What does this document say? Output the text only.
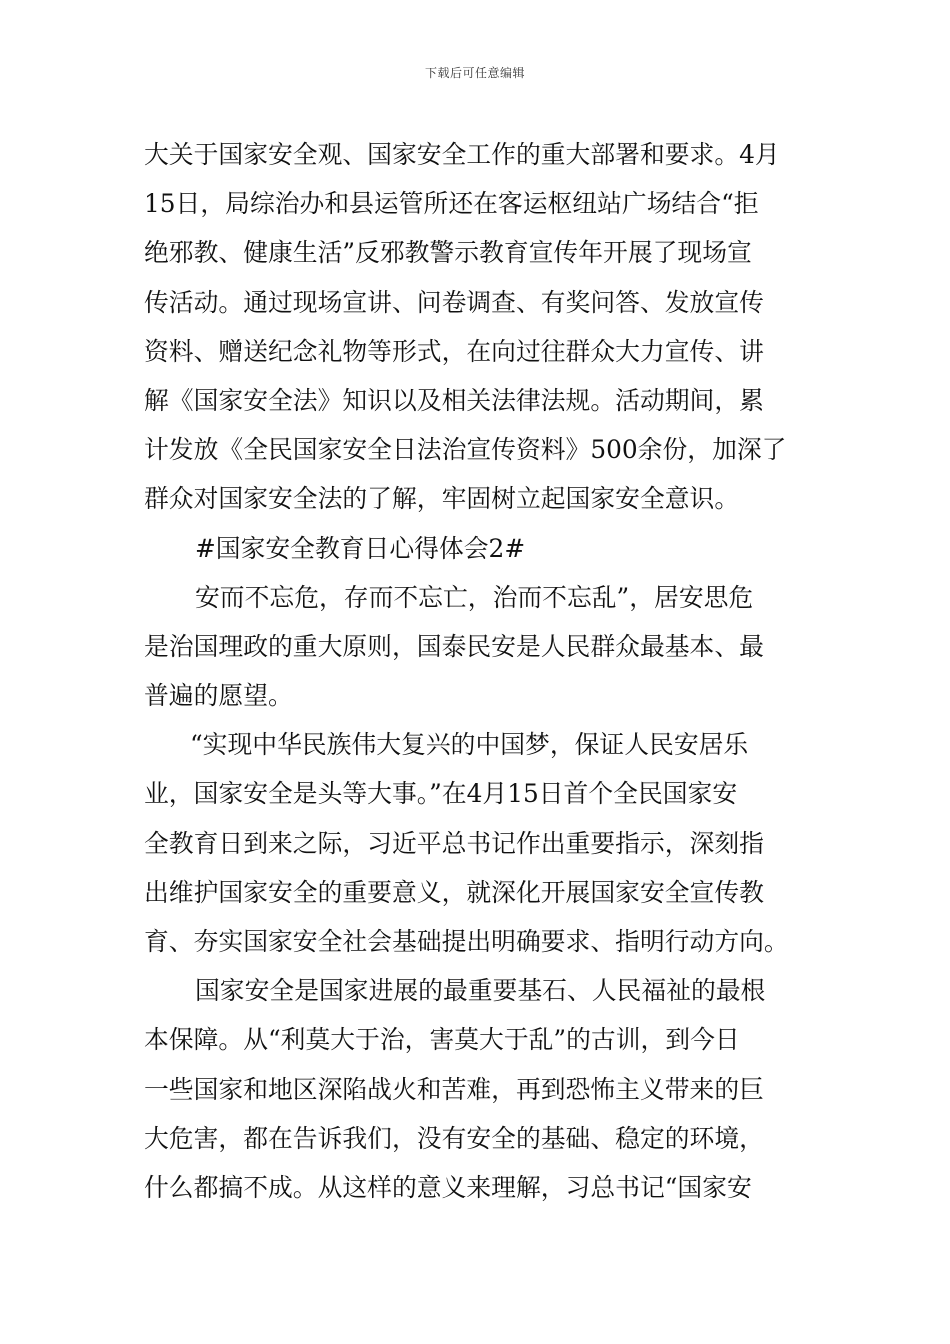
下载后可任意编辑
大关于国家安全观、国家安全工作的重大部署和要求。4月
15日，局综治办和县运管所还在客运枢纽站广场结合“拒
绝邪教、健康生活”反邪教警示教育宣传年开展了现场宣
传活动。通过现场宣讲、问卷调查、有奖问答、发放宣传
资料、赠送纪念礼物等形式，在向过往群众大力宣传、讲
解《国家安全法》知识以及相关法律法规。活动期间，累
计发放《全民国家安全日法治宣传资料》500余份，加深了
群众对国家安全法的了解，牢固树立起国家安全意识。
#国家安全教育日心得体会2#
安而不忘危，存而不忘亡，治而不忘乱”，居安思危
是治国理政的重大原则，国泰民安是人民群众最基本、最
普遍的愿望。
“实现中华民族伟大复兴的中国梦，保证人民安居乐
业，国家安全是头等大事。”在4月15日首个全民国家安
全教育日到来之际，习近平总书记作出重要指示，深刻指
出维护国家安全的重要意义，就深化开展国家安全宣传教
育、夯实国家安全社会基础提出明确要求、指明行动方向。
国家安全是国家进展的最重要基石、人民福祉的最根
本保障。从“利莫大于治，害莫大于乱”的古训，到今日
一些国家和地区深陷战火和苦难，再到恐怖主义带来的巨
大危害，都在告诉我们，没有安全的基础、稳定的环境，
什么都搞不成。从这样的意义来理解，习总书记“国家安
